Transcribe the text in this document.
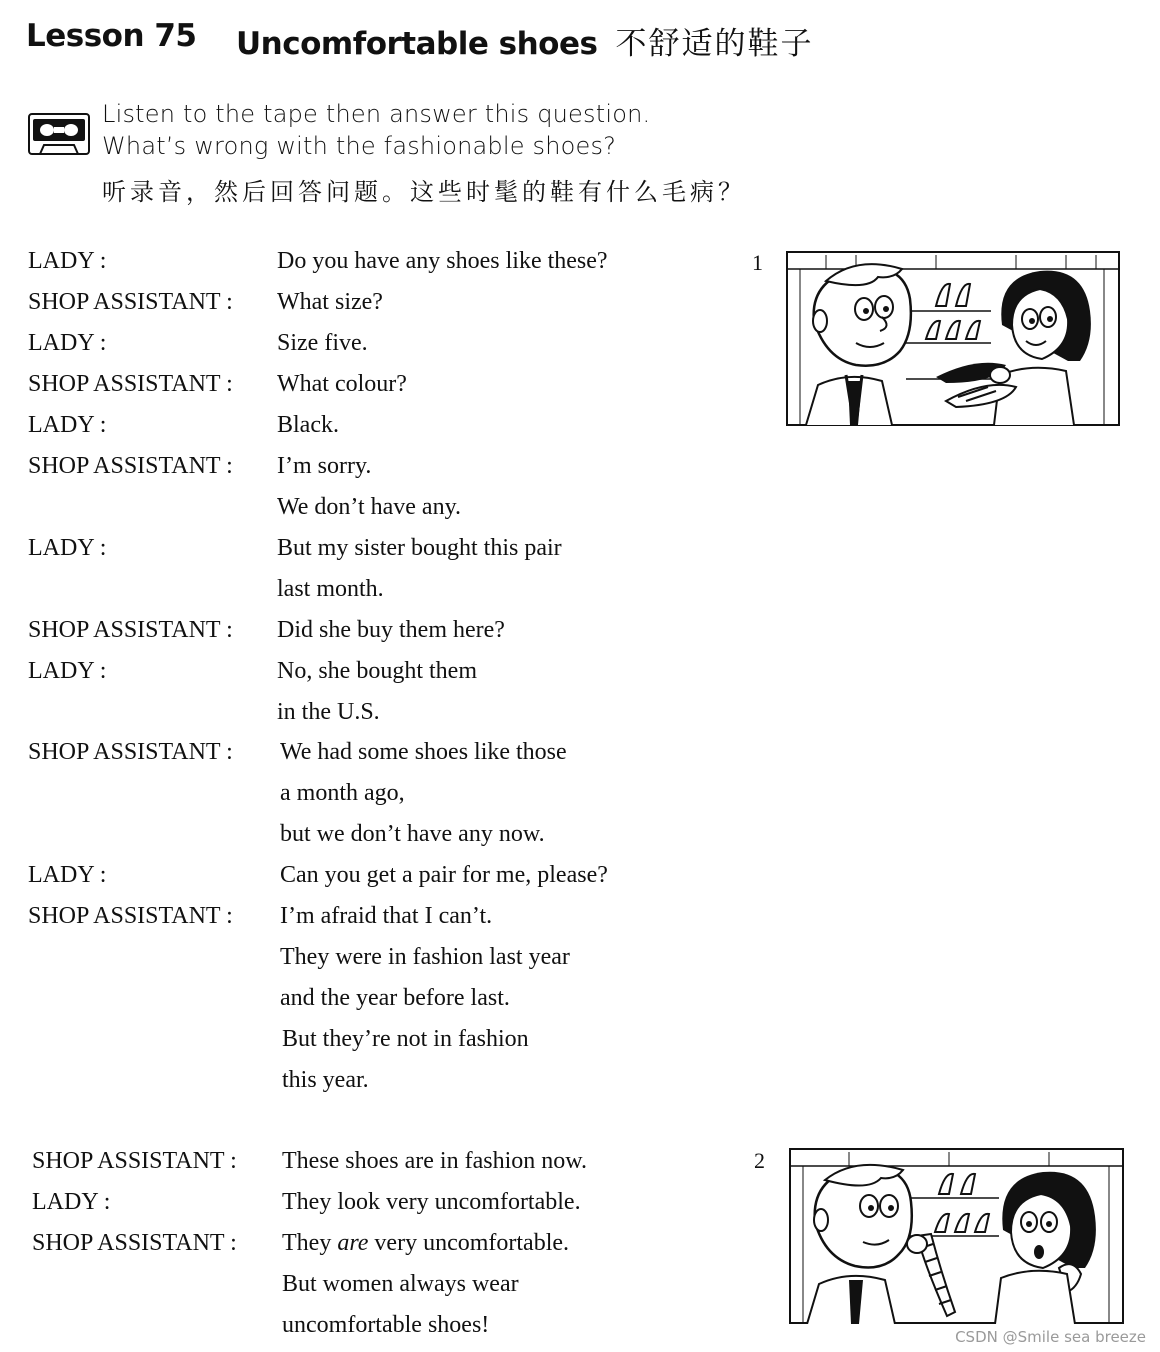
Lesson 75 Uncomfortable shoes 不舒适的鞋子
Listen to the tape then answer this question.
What’s wrong with the fashionable shoes?
听录音，然后回答问题。这些时髦的鞋有什么毛病？
LADY :	Do you have any shoes like these?
SHOP ASSISTANT : What size?
LADY :	Size five.
SHOP ASSISTANT : What colour?
LADY :	Black.
SHOP ASSISTANT : I’m sorry.
We don’t have any.
LADY :	But my sister bought this pair
last month.
SHOP ASSISTANT : Did she buy them here?
LADY :	No, she bought them
in the U.S.
SHOP ASSISTANT : We had some shoes like those
a month ago,
but we don’t have any now.
LADY :	Can you get a pair for me, please?
SHOP ASSISTANT : I’m afraid that I can’t.
They were in fashion last year
and the year before last.
But they’re not in fashion
this year.
SHOP ASSISTANT : These shoes are in fashion now.
LADY :	They look very uncomfortable.
SHOP ASSISTANT : They are very uncomfortable.
But women always wear
uncomfortable shoes!
1
2
CSDN @Smile sea breeze
